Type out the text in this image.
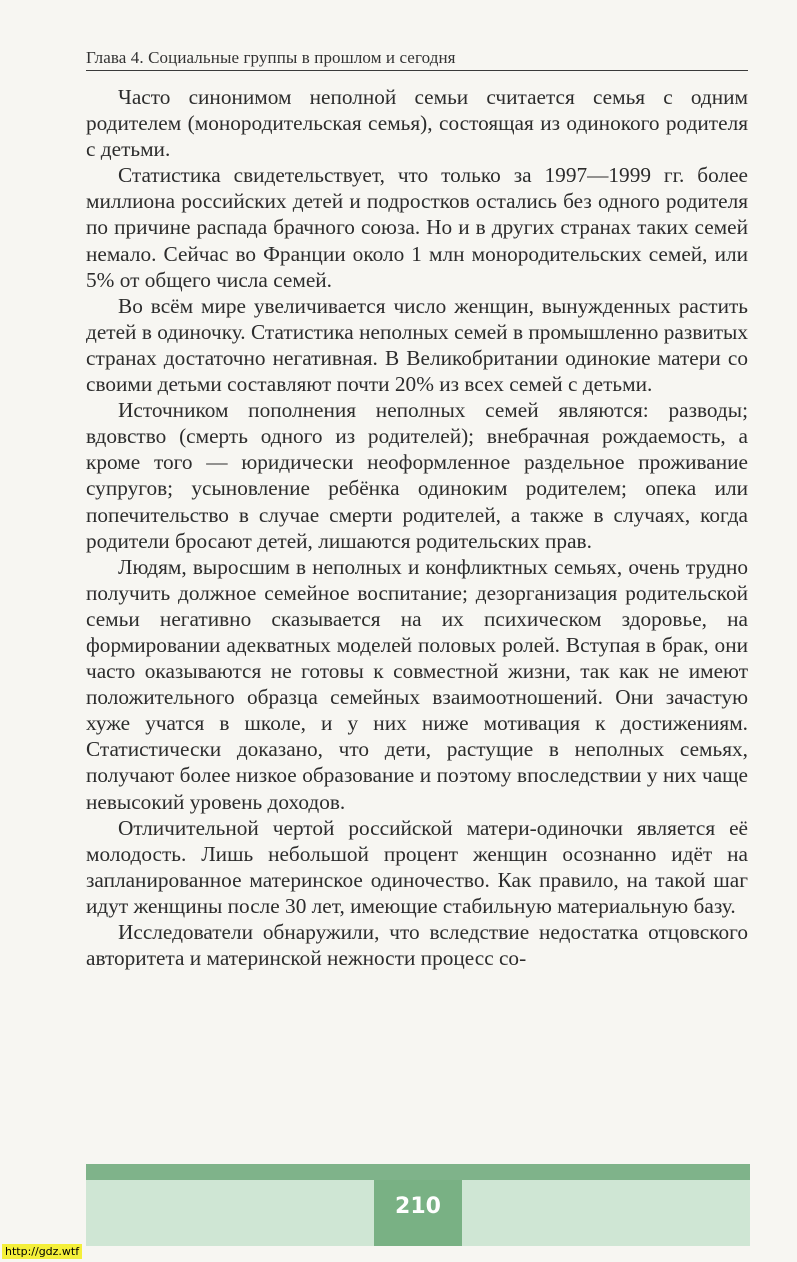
Глава 4. Социальные группы в прошлом и сегодня

Часто синонимом неполной семьи считается семья с одним родителем (монородительская семья), состоящая из одинокого родителя с детьми.

Статистика свидетельствует, что только за 1997—1999 гг. более миллиона российских детей и подростков остались без одного родителя по причине распада брачного союза. Но и в других странах таких семей немало. Сейчас во Франции около 1 млн монородительских семей, или 5% от общего числа семей.

Во всём мире увеличивается число женщин, вынужденных растить детей в одиночку. Статистика неполных семей в промышленно развитых странах достаточно негативная. В Великобритании одинокие матери со своими детьми составляют почти 20% из всех семей с детьми.

Источником пополнения неполных семей являются: разводы; вдовство (смерть одного из родителей); внебрачная рождаемость, а кроме того — юридически неоформленное раздельное проживание супругов; усыновление ребёнка одиноким родителем; опека или попечительство в случае смерти родителей, а также в случаях, когда родители бросают детей, лишаются родительских прав.

Людям, выросшим в неполных и конфликтных семьях, очень трудно получить должное семейное воспитание; дезорганизация родительской семьи негативно сказывается на их психическом здоровье, на формировании адекватных моделей половых ролей. Вступая в брак, они часто оказываются не готовы к совместной жизни, так как не имеют положительного образца семейных взаимоотношений. Они зачастую хуже учатся в школе, и у них ниже мотивация к достижениям. Статистически доказано, что дети, растущие в неполных семьях, получают более низкое образование и поэтому впоследствии у них чаще невысокий уровень доходов.

Отличительной чертой российской матери-одиночки является её молодость. Лишь небольшой процент женщин осознанно идёт на запланированное материнское одиночество. Как правило, на такой шаг идут женщины после 30 лет, имеющие стабильную материальную базу.

Исследователи обнаружили, что вследствие недостатка отцовского авторитета и материнской нежности процесс со-

210
http://gdz.wtf
